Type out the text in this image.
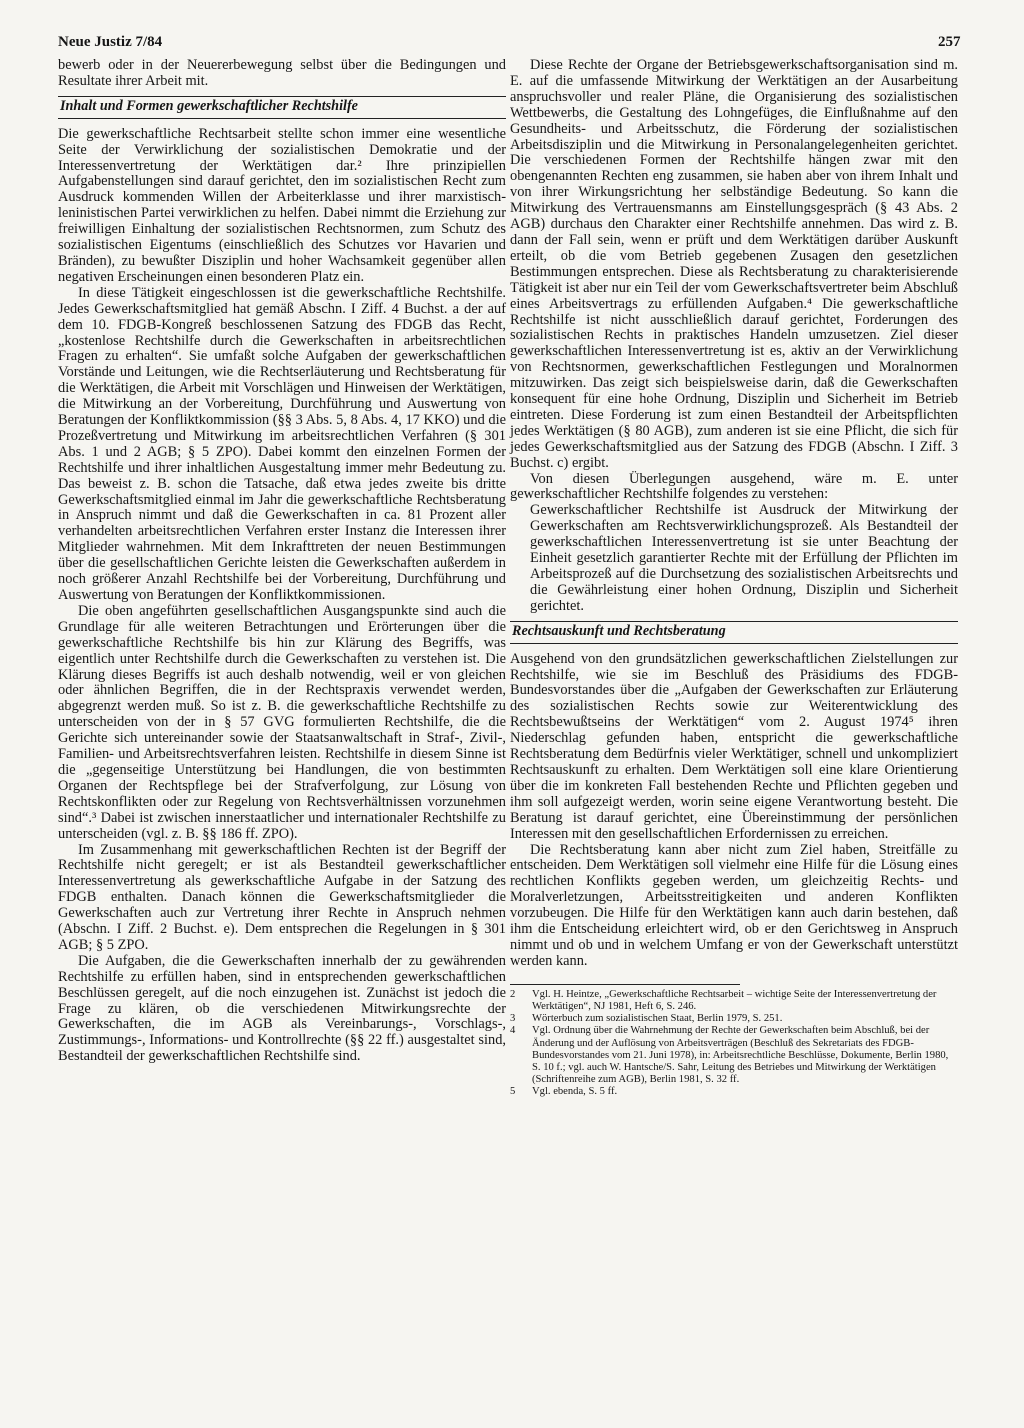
Neue Justiz 7/84	257

bewerb oder in der Neuererbewegung selbst über die Bedingungen und Resultate ihrer Arbeit mit.

Inhalt und Formen gewerkschaftlicher Rechtshilfe

Die gewerkschaftliche Rechtsarbeit stellte schon immer eine wesentliche Seite der Verwirklichung der sozialistischen Demokratie und der Interessenvertretung der Werktätigen dar.² Ihre prinzipiellen Aufgabenstellungen sind darauf gerichtet, den im sozialistischen Recht zum Ausdruck kommenden Willen der Arbeiterklasse und ihrer marxistisch-leninistischen Partei verwirklichen zu helfen. Dabei nimmt die Erziehung zur freiwilligen Einhaltung der sozialistischen Rechtsnormen, zum Schutz des sozialistischen Eigentums (einschließlich des Schutzes vor Havarien und Bränden), zu bewußter Disziplin und hoher Wachsamkeit gegenüber allen negativen Erscheinungen einen besonderen Platz ein.

In diese Tätigkeit eingeschlossen ist die gewerkschaftliche Rechtshilfe. Jedes Gewerkschaftsmitglied hat gemäß Abschn. I Ziff. 4 Buchst. a der auf dem 10. FDGB-Kongreß beschlossenen Satzung des FDGB das Recht, „kostenlose Rechtshilfe durch die Gewerkschaften in arbeitsrechtlichen Fragen zu erhalten“. Sie umfaßt solche Aufgaben der gewerkschaftlichen Vorstände und Leitungen, wie die Rechtserläuterung und Rechtsberatung für die Werktätigen, die Arbeit mit Vorschlägen und Hinweisen der Werktätigen, die Mitwirkung an der Vorbereitung, Durchführung und Auswertung von Beratungen der Konfliktkommission (§§ 3 Abs. 5, 8 Abs. 4, 17 KKO) und die Prozeßvertretung und Mitwirkung im arbeitsrechtlichen Verfahren (§ 301 Abs. 1 und 2 AGB; § 5 ZPO). Dabei kommt den einzelnen Formen der Rechtshilfe und ihrer inhaltlichen Ausgestaltung immer mehr Bedeutung zu. Das beweist z. B. schon die Tatsache, daß etwa jedes zweite bis dritte Gewerkschaftsmitglied einmal im Jahr die gewerkschaftliche Rechtsberatung in Anspruch nimmt und daß die Gewerkschaften in ca. 81 Prozent aller verhandelten arbeitsrechtlichen Verfahren erster Instanz die Interessen ihrer Mitglieder wahrnehmen. Mit dem Inkrafttreten der neuen Bestimmungen über die gesellschaftlichen Gerichte leisten die Gewerkschaften außerdem in noch größerer Anzahl Rechtshilfe bei der Vorbereitung, Durchführung und Auswertung von Beratungen der Konfliktkommissionen.

Die oben angeführten gesellschaftlichen Ausgangspunkte sind auch die Grundlage für alle weiteren Betrachtungen und Erörterungen über die gewerkschaftliche Rechtshilfe bis hin zur Klärung des Begriffs, was eigentlich unter Rechtshilfe durch die Gewerkschaften zu verstehen ist. Die Klärung dieses Begriffs ist auch deshalb notwendig, weil er von gleichen oder ähnlichen Begriffen, die in der Rechtspraxis verwendet werden, abgegrenzt werden muß. So ist z. B. die gewerkschaftliche Rechtshilfe zu unterscheiden von der in § 57 GVG formulierten Rechtshilfe, die die Gerichte sich untereinander sowie der Staatsanwaltschaft in Straf-, Zivil-, Familien- und Arbeitsrechtsverfahren leisten. Rechtshilfe in diesem Sinne ist die „gegenseitige Unterstützung bei Handlungen, die von bestimmten Organen der Rechtspflege bei der Strafverfolgung, zur Lösung von Rechtskonflikten oder zur Regelung von Rechtsverhältnissen vorzunehmen sind“.³ Dabei ist zwischen innerstaatlicher und internationaler Rechtshilfe zu unterscheiden (vgl. z. B. §§ 186 ff. ZPO).

Im Zusammenhang mit gewerkschaftlichen Rechten ist der Begriff der Rechtshilfe nicht geregelt; er ist als Bestandteil gewerkschaftlicher Interessenvertretung als gewerkschaftliche Aufgabe in der Satzung des FDGB enthalten. Danach können die Gewerkschaftsmitglieder die Gewerkschaften auch zur Vertretung ihrer Rechte in Anspruch nehmen (Abschn. I Ziff. 2 Buchst. e). Dem entsprechen die Regelungen in § 301 AGB; § 5 ZPO.

Die Aufgaben, die die Gewerkschaften innerhalb der zu gewährenden Rechtshilfe zu erfüllen haben, sind in entsprechenden gewerkschaftlichen Beschlüssen geregelt, auf die noch einzugehen ist. Zunächst ist jedoch die Frage zu klären, ob die verschiedenen Mitwirkungsrechte der Gewerkschaften, die im AGB als Vereinbarungs-, Vorschlags-, Zustimmungs-, Informations- und Kontrollrechte (§§ 22 ff.) ausgestaltet sind, Bestandteil der gewerkschaftlichen Rechtshilfe sind.

Diese Rechte der Organe der Betriebsgewerkschaftsorganisation sind m. E. auf die umfassende Mitwirkung der Werktätigen an der Ausarbeitung anspruchsvoller und realer Pläne, die Organisierung des sozialistischen Wettbewerbs, die Gestaltung des Lohngefüges, die Einflußnahme auf den Gesundheits- und Arbeitsschutz, die Förderung der sozialistischen Arbeitsdisziplin und die Mitwirkung in Personalangelegenheiten gerichtet. Die verschiedenen Formen der Rechtshilfe hängen zwar mit den obengenannten Rechten eng zusammen, sie haben aber von ihrem Inhalt und von ihrer Wirkungsrichtung her selbständige Bedeutung. So kann die Mitwirkung des Vertrauensmanns am Einstellungsgespräch (§ 43 Abs. 2 AGB) durchaus den Charakter einer Rechtshilfe annehmen. Das wird z. B. dann der Fall sein, wenn er prüft und dem Werktätigen darüber Auskunft erteilt, ob die vom Betrieb gegebenen Zusagen den gesetzlichen Bestimmungen entsprechen. Diese als Rechtsberatung zu charakterisierende Tätigkeit ist aber nur ein Teil der vom Gewerkschaftsvertreter beim Abschluß eines Arbeitsvertrags zu erfüllenden Aufgaben.⁴ Die gewerkschaftliche Rechtshilfe ist nicht ausschließlich darauf gerichtet, Forderungen des sozialistischen Rechts in praktisches Handeln umzusetzen. Ziel dieser gewerkschaftlichen Interessenvertretung ist es, aktiv an der Verwirklichung von Rechtsnormen, gewerkschaftlichen Festlegungen und Moralnormen mitzuwirken. Das zeigt sich beispielsweise darin, daß die Gewerkschaften konsequent für eine hohe Ordnung, Disziplin und Sicherheit im Betrieb eintreten. Diese Forderung ist zum einen Bestandteil der Arbeitspflichten jedes Werktätigen (§ 80 AGB), zum anderen ist sie eine Pflicht, die sich für jedes Gewerkschaftsmitglied aus der Satzung des FDGB (Abschn. I Ziff. 3 Buchst. c) ergibt.

Von diesen Überlegungen ausgehend, wäre m. E. unter gewerkschaftlicher Rechtshilfe folgendes zu verstehen:

Gewerkschaftlicher Rechtshilfe ist Ausdruck der Mitwirkung der Gewerkschaften am Rechtsverwirklichungsprozeß. Als Bestandteil der gewerkschaftlichen Interessenvertretung ist sie unter Beachtung der Einheit gesetzlich garantierter Rechte mit der Erfüllung der Pflichten im Arbeitsprozeß auf die Durchsetzung des sozialistischen Arbeitsrechts und die Gewährleistung einer hohen Ordnung, Disziplin und Sicherheit gerichtet.

Rechtsauskunft und Rechtsberatung

Ausgehend von den grundsätzlichen gewerkschaftlichen Zielstellungen zur Rechtshilfe, wie sie im Beschluß des Präsidiums des FDGB-Bundesvorstandes über die „Aufgaben der Gewerkschaften zur Erläuterung des sozialistischen Rechts sowie zur Weiterentwicklung des Rechtsbewußtseins der Werktätigen“ vom 2. August 1974⁵ ihren Niederschlag gefunden haben, entspricht die gewerkschaftliche Rechtsberatung dem Bedürfnis vieler Werktätiger, schnell und unkompliziert Rechtsauskunft zu erhalten. Dem Werktätigen soll eine klare Orientierung über die im konkreten Fall bestehenden Rechte und Pflichten gegeben und ihm soll aufgezeigt werden, worin seine eigene Verantwortung besteht. Die Beratung ist darauf gerichtet, eine Übereinstimmung der persönlichen Interessen mit den gesellschaftlichen Erfordernissen zu erreichen.

Die Rechtsberatung kann aber nicht zum Ziel haben, Streitfälle zu entscheiden. Dem Werktätigen soll vielmehr eine Hilfe für die Lösung eines rechtlichen Konflikts gegeben werden, um gleichzeitig Rechts- und Moralverletzungen, Arbeitsstreitigkeiten und anderen Konflikten vorzubeugen. Die Hilfe für den Werktätigen kann auch darin bestehen, daß ihm die Entscheidung erleichtert wird, ob er den Gerichtsweg in Anspruch nimmt und ob und in welchem Umfang er von der Gewerkschaft unterstützt werden kann.

2	Vgl. H. Heintze, „Gewerkschaftliche Rechtsarbeit – wichtige Seite der Interessenvertretung der Werktätigen“, NJ 1981, Heft 6, S. 246.
3	Wörterbuch zum sozialistischen Staat, Berlin 1979, S. 251.
4	Vgl. Ordnung über die Wahrnehmung der Rechte der Gewerkschaften beim Abschluß, bei der Änderung und der Auflösung von Arbeitsverträgen (Beschluß des Sekretariats des FDGB-Bundesvorstandes vom 21. Juni 1978), in: Arbeitsrechtliche Beschlüsse, Dokumente, Berlin 1980, S. 10 f.; vgl. auch W. Hantsche/S. Sahr, Leitung des Betriebes und Mitwirkung der Werktätigen (Schriftenreihe zum AGB), Berlin 1981, S. 32 ff.
5	Vgl. ebenda, S. 5 ff.
